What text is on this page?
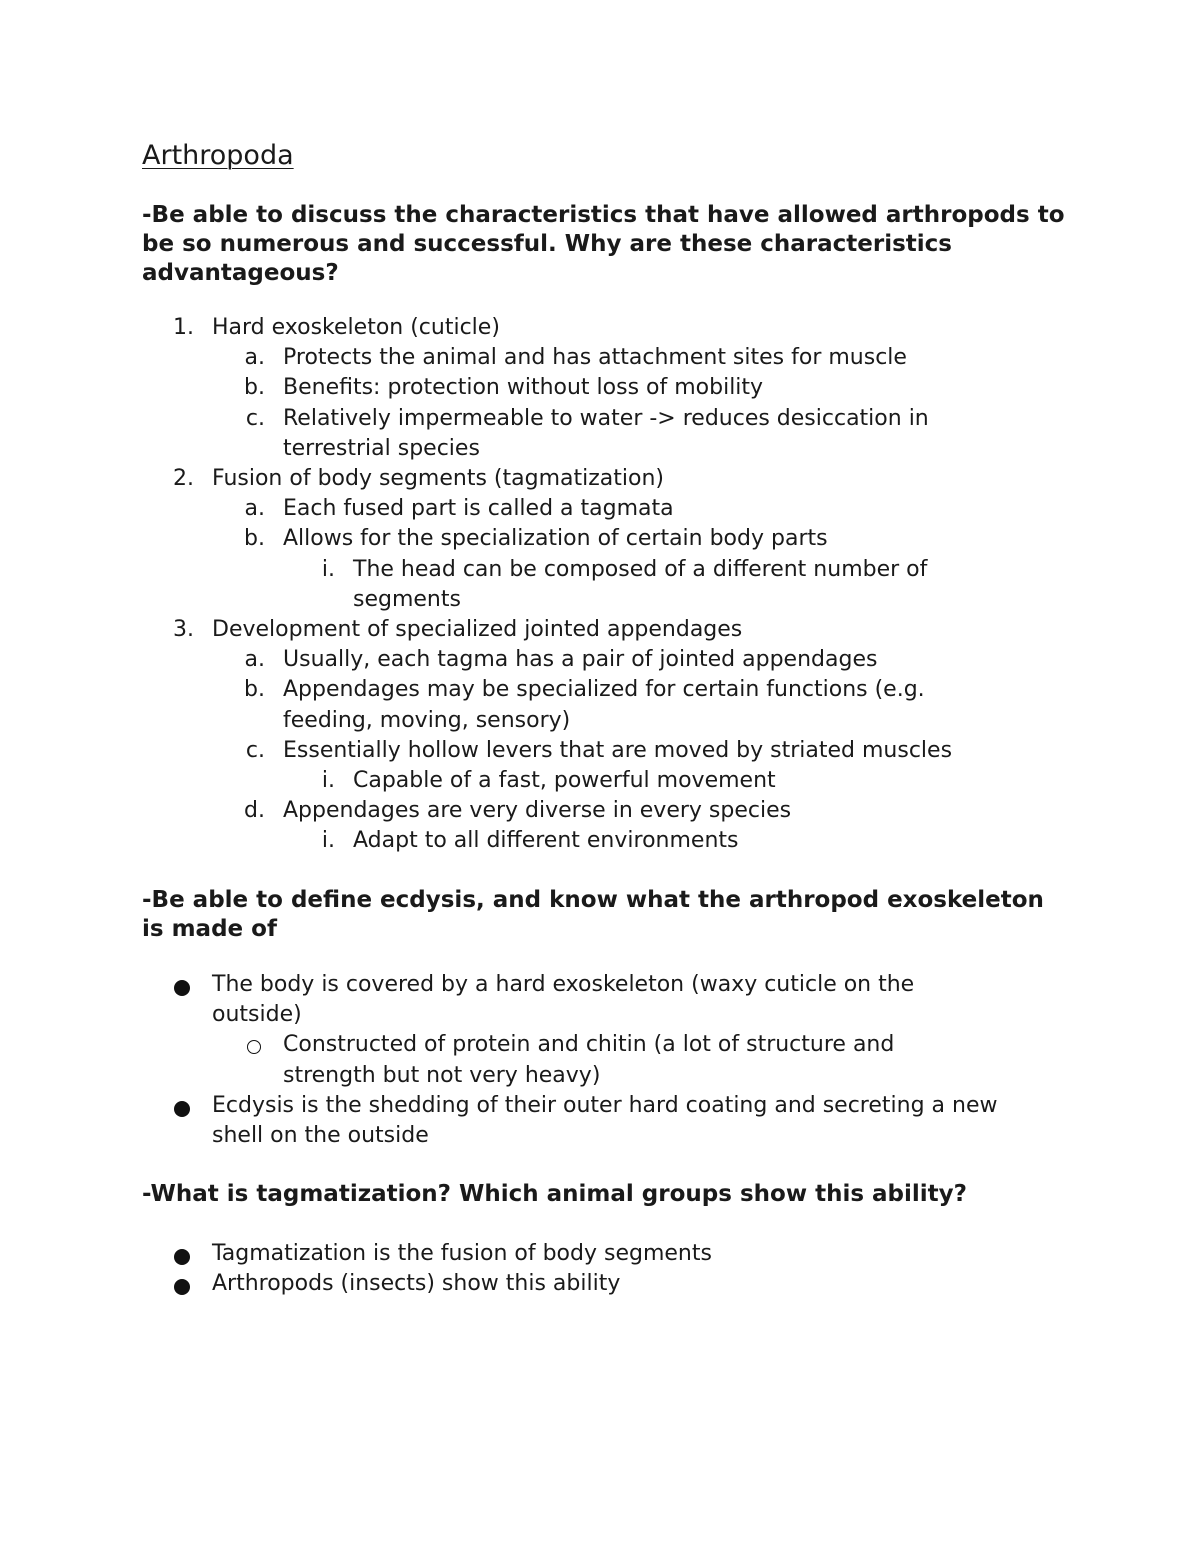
Arthropoda

-Be able to discuss the characteristics that have allowed arthropods to be so numerous and successful. Why are these characteristics advantageous?

1. Hard exoskeleton (cuticle)
a. Protects the animal and has attachment sites for muscle
b. Benefits: protection without loss of mobility
c. Relatively impermeable to water -> reduces desiccation in terrestrial species
2. Fusion of body segments (tagmatization)
a. Each fused part is called a tagmata
b. Allows for the specialization of certain body parts
i. The head can be composed of a different number of segments
3. Development of specialized jointed appendages
a. Usually, each tagma has a pair of jointed appendages
b. Appendages may be specialized for certain functions (e.g. feeding, moving, sensory)
c. Essentially hollow levers that are moved by striated muscles
i. Capable of a fast, powerful movement
d. Appendages are very diverse in every species
i. Adapt to all different environments

-Be able to define ecdysis, and know what the arthropod exoskeleton is made of

The body is covered by a hard exoskeleton (waxy cuticle on the outside)
Constructed of protein and chitin (a lot of structure and strength but not very heavy)
Ecdysis is the shedding of their outer hard coating and secreting a new shell on the outside

-What is tagmatization? Which animal groups show this ability?

Tagmatization is the fusion of body segments
Arthropods (insects) show this ability
